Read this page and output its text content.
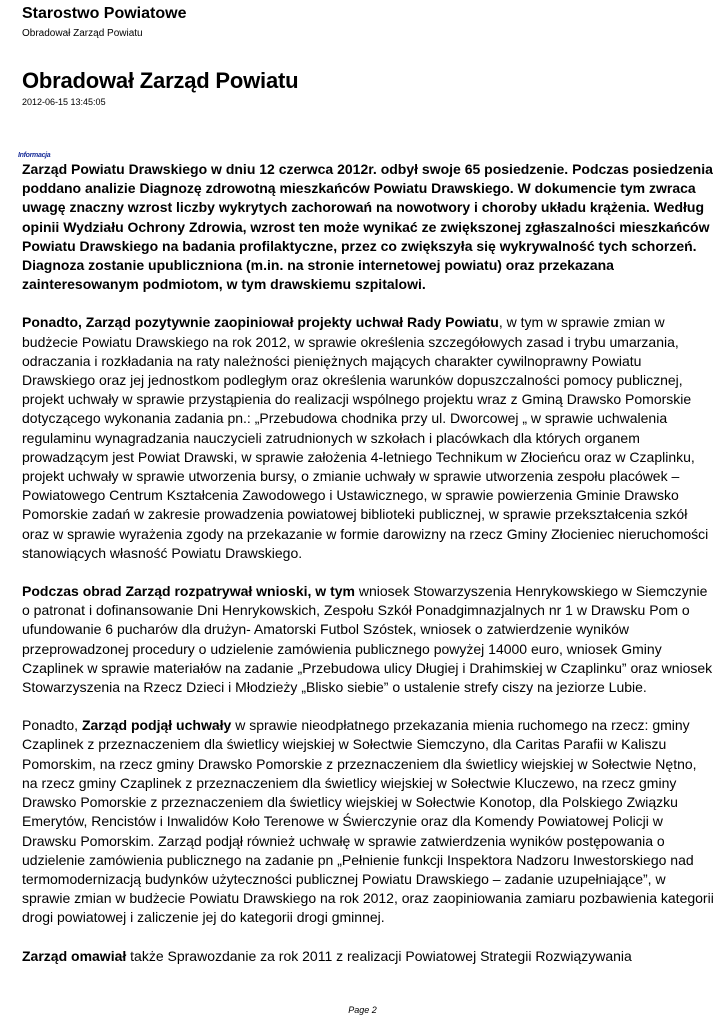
Starostwo Powiatowe
Obradował Zarząd Powiatu
Obradował Zarząd Powiatu
2012-06-15 13:45:05
Informacja

Zarząd Powiatu Drawskiego w dniu 12 czerwca 2012r. odbył swoje 65 posiedzenie. Podczas posiedzenia poddano analizie Diagnozę zdrowotną mieszkańców Powiatu Drawskiego. W dokumencie tym zwraca uwagę znaczny wzrost liczby wykrytych zachorowań na nowotwory i choroby układu krążenia. Według opinii Wydziału Ochrony Zdrowia, wzrost ten może wynikać ze zwiększonej zgłaszalności mieszkańców Powiatu Drawskiego na badania profilaktyczne, przez co zwiększyła się wykrywalność tych schorzeń. Diagnoza zostanie upubliczniona (m.in. na stronie internetowej powiatu) oraz przekazana zainteresowanym podmiotom, w tym drawskiemu szpitalowi.

Ponadto, Zarząd pozytywnie zaopiniował projekty uchwał Rady Powiatu, w tym w sprawie zmian w budżecie Powiatu Drawskiego na rok 2012, w sprawie określenia szczegółowych zasad i trybu umarzania, odraczania i rozkładania na raty należności pieniężnych mających charakter cywilnoprawny Powiatu Drawskiego oraz jej jednostkom podległym oraz określenia warunków dopuszczalności pomocy publicznej, projekt uchwały w sprawie przystąpienia do realizacji wspólnego projektu wraz z Gminą Drawsko Pomorskie dotyczącego wykonania zadania pn.: „Przebudowa chodnika przy ul. Dworcowej „ w sprawie uchwalenia regulaminu wynagradzania nauczycieli zatrudnionych w szkołach i placówkach dla których organem prowadzącym jest Powiat Drawski, w sprawie założenia 4-letniego Technikum w Złocieńcu oraz w Czaplinku, projekt uchwały w sprawie utworzenia bursy, o zmianie uchwały w sprawie utworzenia zespołu placówek – Powiatowego Centrum Kształcenia Zawodowego i Ustawicznego, w sprawie powierzenia Gminie Drawsko Pomorskie zadań w zakresie prowadzenia powiatowej biblioteki publicznej, w sprawie przekształcenia szkół oraz w sprawie wyrażenia zgody na przekazanie w formie darowizny na rzecz Gminy Złocieniec nieruchomości stanowiących własność Powiatu Drawskiego.

Podczas obrad Zarząd rozpatrywał wnioski, w tym wniosek Stowarzyszenia Henrykowskiego w Siemczynie o patronat i dofinansowanie Dni Henrykowskich, Zespołu Szkół Ponadgimnazjalnych nr 1 w Drawsku Pom o ufundowanie 6 pucharów dla drużyn- Amatorski Futbol Szóstek, wniosek o zatwierdzenie wyników przeprowadzonej procedury o udzielenie zamówienia publicznego powyżej 14000 euro, wniosek Gminy Czaplinek w sprawie materiałów na zadanie „Przebudowa ulicy Długiej i Drahimskiej w Czaplinku” oraz wniosek Stowarzyszenia na Rzecz Dzieci i Młodzieży „Blisko siebie” o ustalenie strefy ciszy na jeziorze Lubie.

Ponadto, Zarząd podjął uchwały w sprawie nieodpłatnego przekazania mienia ruchomego na rzecz: gminy Czaplinek z przeznaczeniem dla świetlicy wiejskiej w Sołectwie Siemczyno, dla Caritas Parafii w Kaliszu Pomorskim, na rzecz gminy Drawsko Pomorskie z przeznaczeniem dla świetlicy wiejskiej w Sołectwie Nętno, na rzecz gminy Czaplinek z przeznaczeniem dla świetlicy wiejskiej w Sołectwie Kluczewo, na rzecz gminy Drawsko Pomorskie z przeznaczeniem dla świetlicy wiejskiej w Sołectwie Konotop, dla Polskiego Związku Emerytów, Rencistów i Inwalidów Koło Terenowe w Świerczynie oraz dla Komendy Powiatowej Policji w Drawsku Pomorskim. Zarząd podjął również uchwałę w sprawie zatwierdzenia wyników postępowania o udzielenie zamówienia publicznego na zadanie pn „Pełnienie funkcji Inspektora Nadzoru Inwestorskiego nad termomodernizacją budynków użyteczności publicznej Powiatu Drawskiego – zadanie uzupełniające”, w sprawie zmian w budżecie Powiatu Drawskiego na rok 2012, oraz zaopiniowania zamiaru pozbawienia kategorii drogi powiatowej i zaliczenie jej do kategorii drogi gminnej.

Zarząd omawiał także Sprawozdanie za rok 2011 z realizacji Powiatowej Strategii Rozwiązywania

Page 2
